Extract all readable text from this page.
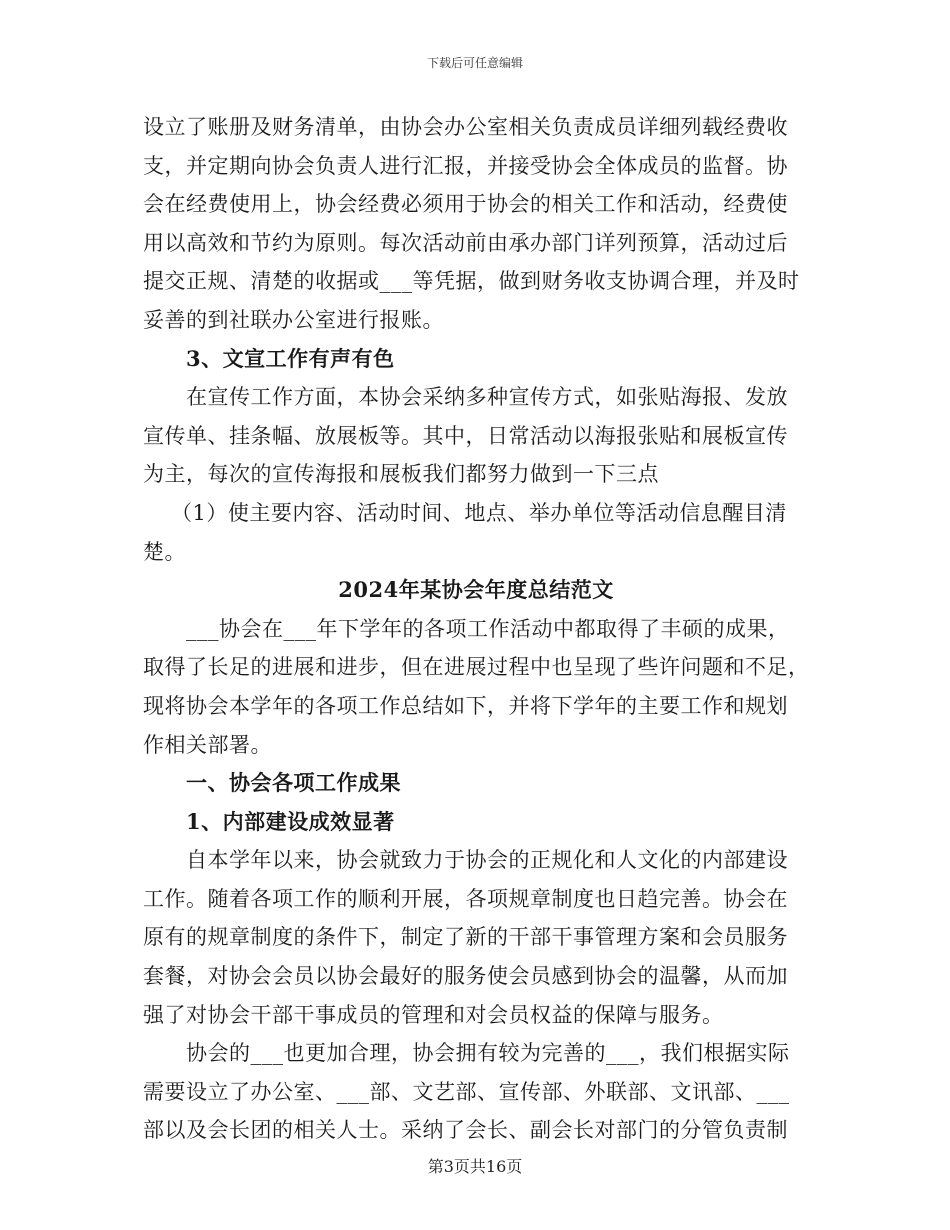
下载后可任意编辑
设立了账册及财务清单，由协会办公室相关负责成员详细列载经费收
支，并定期向协会负责人进行汇报，并接受协会全体成员的监督。协
会在经费使用上，协会经费必须用于协会的相关工作和活动，经费使
用以高效和节约为原则。每次活动前由承办部门详列预算，活动过后
提交正规、清楚的收据或___等凭据，做到财务收支协调合理，并及时
妥善的到社联办公室进行报账。
3、文宣工作有声有色
在宣传工作方面，本协会采纳多种宣传方式，如张贴海报、发放
宣传单、挂条幅、放展板等。其中，日常活动以海报张贴和展板宣传
为主，每次的宣传海报和展板我们都努力做到一下三点
（1）使主要内容、活动时间、地点、举办单位等活动信息醒目清
楚。
2024年某协会年度总结范文
___协会在___年下学年的各项工作活动中都取得了丰硕的成果，
取得了长足的进展和进步，但在进展过程中也呈现了些许问题和不足，
现将协会本学年的各项工作总结如下，并将下学年的主要工作和规划
作相关部署。
一、协会各项工作成果
1、内部建设成效显著
自本学年以来，协会就致力于协会的正规化和人文化的内部建设
工作。随着各项工作的顺利开展，各项规章制度也日趋完善。协会在
原有的规章制度的条件下，制定了新的干部干事管理方案和会员服务
套餐，对协会会员以协会最好的服务使会员感到协会的温馨，从而加
强了对协会干部干事成员的管理和对会员权益的保障与服务。
协会的___也更加合理，协会拥有较为完善的___，我们根据实际
需要设立了办公室、___部、文艺部、宣传部、外联部、文讯部、___
部以及会长团的相关人士。采纳了会长、副会长对部门的分管负责制
第3页共16页
